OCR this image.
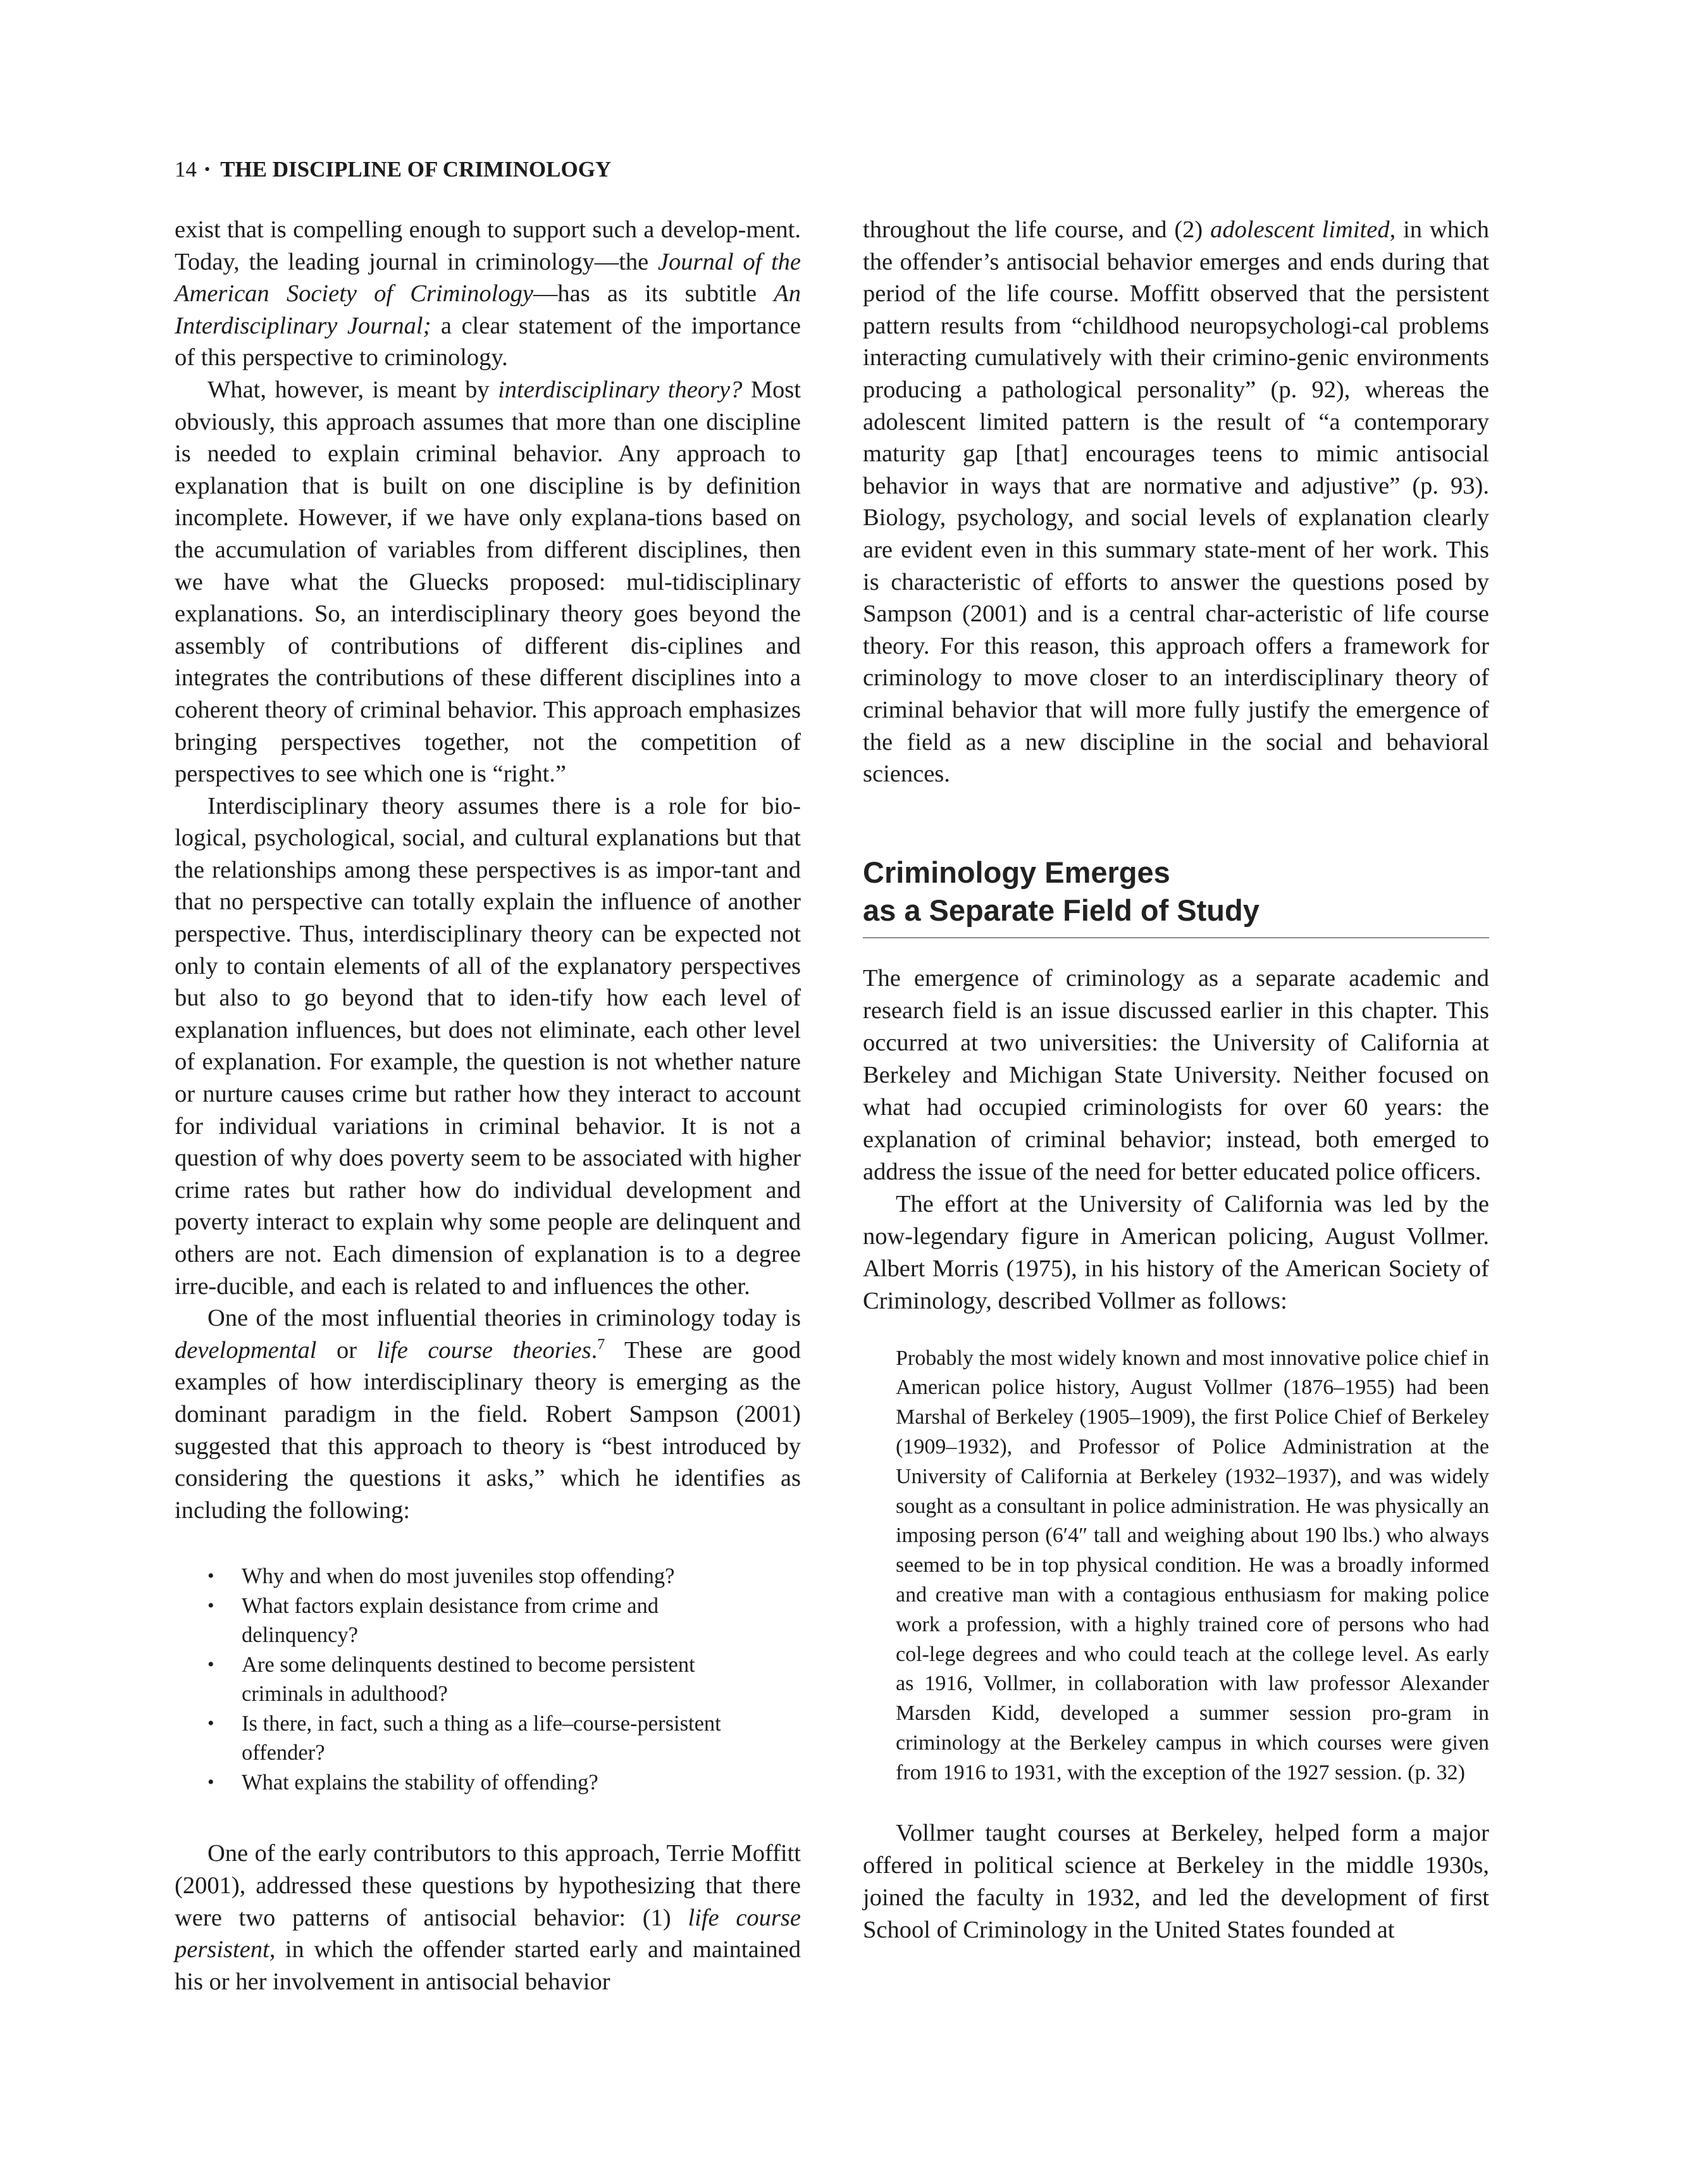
14 • THE DISCIPLINE OF CRIMINOLOGY

exist that is compelling enough to support such a develop-ment. Today, the leading journal in criminology—the Journal of the American Society of Criminology—has as its subtitle An Interdisciplinary Journal; a clear statement of the importance of this perspective to criminology.

What, however, is meant by interdisciplinary theory? Most obviously, this approach assumes that more than one discipline is needed to explain criminal behavior. Any approach to explanation that is built on one discipline is by definition incomplete. However, if we have only explana-tions based on the accumulation of variables from different disciplines, then we have what the Gluecks proposed: mul-tidisciplinary explanations. So, an interdisciplinary theory goes beyond the assembly of contributions of different dis-ciplines and integrates the contributions of these different disciplines into a coherent theory of criminal behavior. This approach emphasizes bringing perspectives together, not the competition of perspectives to see which one is “right.”

Interdisciplinary theory assumes there is a role for bio-logical, psychological, social, and cultural explanations but that the relationships among these perspectives is as impor-tant and that no perspective can totally explain the influence of another perspective. Thus, interdisciplinary theory can be expected not only to contain elements of all of the explanatory perspectives but also to go beyond that to iden-tify how each level of explanation influences, but does not eliminate, each other level of explanation. For example, the question is not whether nature or nurture causes crime but rather how they interact to account for individual variations in criminal behavior. It is not a question of why does poverty seem to be associated with higher crime rates but rather how do individual development and poverty interact to explain why some people are delinquent and others are not. Each dimension of explanation is to a degree irre-ducible, and each is related to and influences the other.

One of the most influential theories in criminology today is developmental or life course theories.$^7$ These are good examples of how interdisciplinary theory is emerging as the dominant paradigm in the field. Robert Sampson (2001) suggested that this approach to theory is “best introduced by considering the questions it asks,” which he identifies as including the following:

• Why and when do most juveniles stop offending?
• What factors explain desistance from crime and delinquency?
• Are some delinquents destined to become persistent criminals in adulthood?
• Is there, in fact, such a thing as a life–course-persistent offender?
• What explains the stability of offending?

One of the early contributors to this approach, Terrie Moffitt (2001), addressed these questions by hypothesizing that there were two patterns of antisocial behavior: (1) life course persistent, in which the offender started early and maintained his or her involvement in antisocial behavior

throughout the life course, and (2) adolescent limited, in which the offender’s antisocial behavior emerges and ends during that period of the life course. Moffitt observed that the persistent pattern results from “childhood neuropsychologi-cal problems interacting cumulatively with their crimino-genic environments producing a pathological personality” (p. 92), whereas the adolescent limited pattern is the result of “a contemporary maturity gap [that] encourages teens to mimic antisocial behavior in ways that are normative and adjustive” (p. 93). Biology, psychology, and social levels of explanation clearly are evident even in this summary state-ment of her work. This is characteristic of efforts to answer the questions posed by Sampson (2001) and is a central char-acteristic of life course theory. For this reason, this approach offers a framework for criminology to move closer to an interdisciplinary theory of criminal behavior that will more fully justify the emergence of the field as a new discipline in the social and behavioral sciences.

Criminology Emerges
as a Separate Field of Study

The emergence of criminology as a separate academic and research field is an issue discussed earlier in this chapter. This occurred at two universities: the University of California at Berkeley and Michigan State University. Neither focused on what had occupied criminologists for over 60 years: the explanation of criminal behavior; instead, both emerged to address the issue of the need for better educated police officers.

The effort at the University of California was led by the now-legendary figure in American policing, August Vollmer. Albert Morris (1975), in his history of the American Society of Criminology, described Vollmer as follows:

Probably the most widely known and most innovative police chief in American police history, August Vollmer (1876–1955) had been Marshal of Berkeley (1905–1909), the first Police Chief of Berkeley (1909–1932), and Professor of Police Administration at the University of California at Berkeley (1932–1937), and was widely sought as a consultant in police administration. He was physically an imposing person (6′4″ tall and weighing about 190 lbs.) who always seemed to be in top physical condition. He was a broadly informed and creative man with a contagious enthusiasm for making police work a profession, with a highly trained core of persons who had col-lege degrees and who could teach at the college level. As early as 1916, Vollmer, in collaboration with law professor Alexander Marsden Kidd, developed a summer session pro-gram in criminology at the Berkeley campus in which courses were given from 1916 to 1931, with the exception of the 1927 session. (p. 32)

Vollmer taught courses at Berkeley, helped form a major offered in political science at Berkeley in the middle 1930s, joined the faculty in 1932, and led the development of first School of Criminology in the United States founded at
